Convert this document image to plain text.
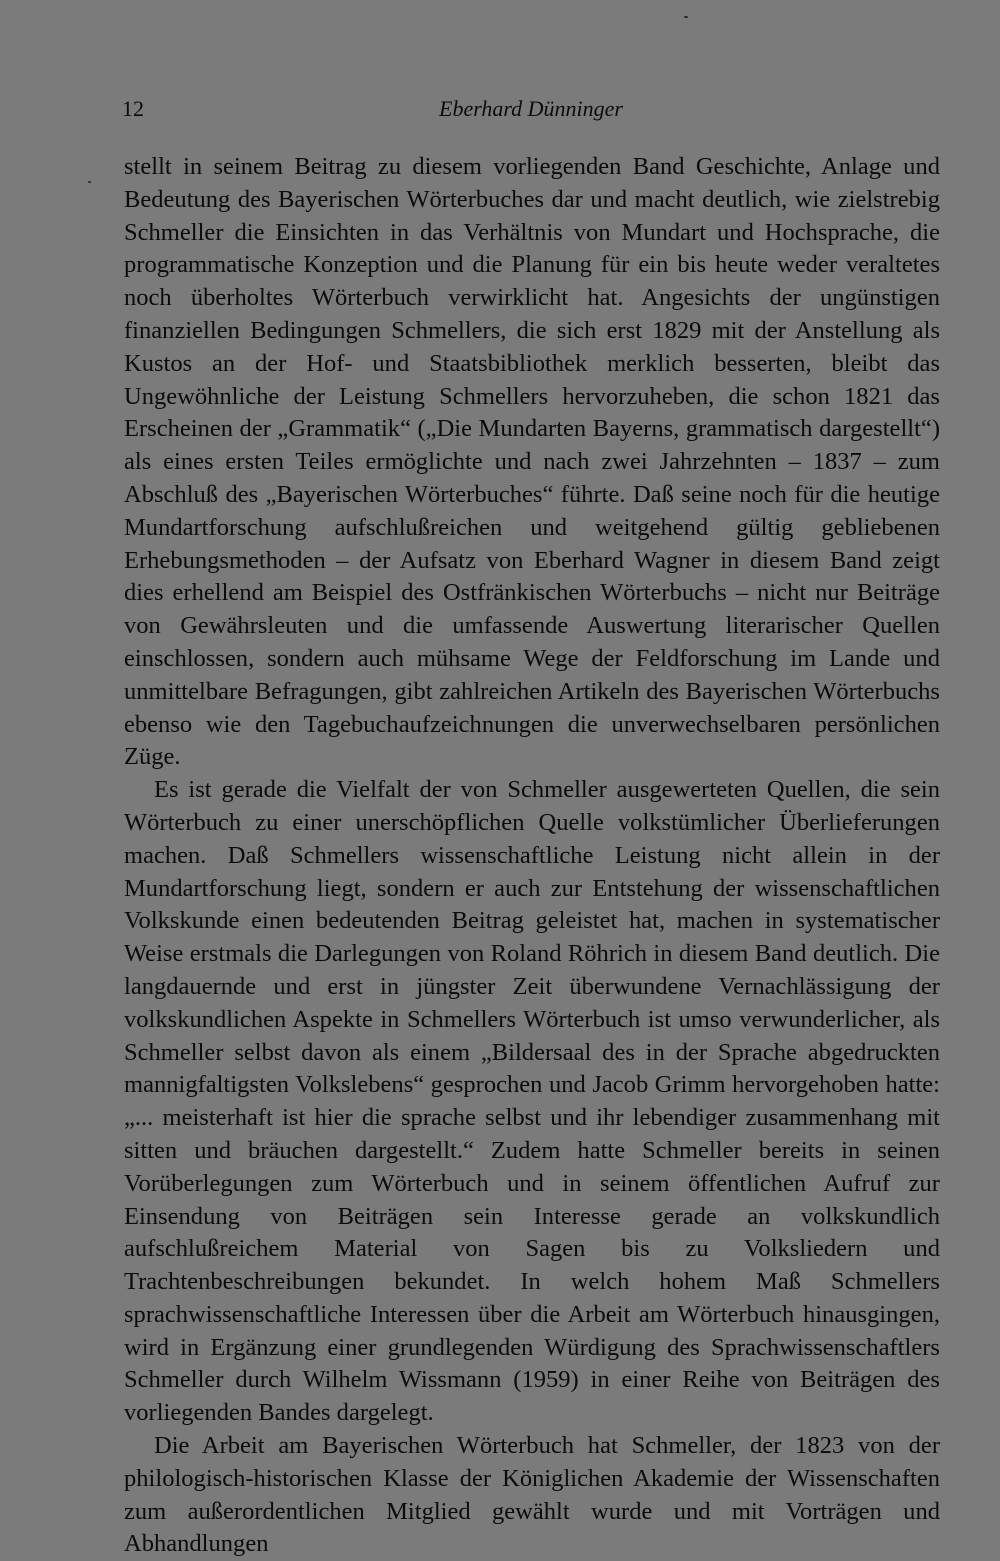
12	Eberhard Dünninger

stellt in seinem Beitrag zu diesem vorliegenden Band Geschichte, Anlage und Bedeutung des Bayerischen Wörterbuches dar und macht deutlich, wie zielstrebig Schmeller die Einsichten in das Verhältnis von Mundart und Hochsprache, die programmatische Konzeption und die Planung für ein bis heute weder veraltetes noch überholtes Wörterbuch verwirklicht hat. Angesichts der ungünstigen finanziellen Bedingungen Schmellers, die sich erst 1829 mit der Anstellung als Kustos an der Hof- und Staatsbibliothek merklich besserten, bleibt das Ungewöhnliche der Leistung Schmellers hervorzuheben, die schon 1821 das Erscheinen der „Grammatik“ („Die Mundarten Bayerns, grammatisch dargestellt“) als eines ersten Teiles ermöglichte und nach zwei Jahrzehnten – 1837 – zum Abschluß des „Bayerischen Wörterbuches“ führte. Daß seine noch für die heutige Mundartforschung aufschlußreichen und weitgehend gültig gebliebenen Erhebungsmethoden – der Aufsatz von Eberhard Wagner in diesem Band zeigt dies erhellend am Beispiel des Ostfränkischen Wörterbuchs – nicht nur Beiträge von Gewährsleuten und die umfassende Auswertung literarischer Quellen einschlossen, sondern auch mühsame Wege der Feldforschung im Lande und unmittelbare Befragungen, gibt zahlreichen Artikeln des Bayerischen Wörterbuchs ebenso wie den Tagebuchaufzeichnungen die unverwechselbaren persönlichen Züge.

Es ist gerade die Vielfalt der von Schmeller ausgewerteten Quellen, die sein Wörterbuch zu einer unerschöpflichen Quelle volkstümlicher Überlieferungen machen. Daß Schmellers wissenschaftliche Leistung nicht allein in der Mundartforschung liegt, sondern er auch zur Entstehung der wissenschaftlichen Volkskunde einen bedeutenden Beitrag geleistet hat, machen in systematischer Weise erstmals die Darlegungen von Roland Röhrich in diesem Band deutlich. Die langdauernde und erst in jüngster Zeit überwundene Vernachlässigung der volkskundlichen Aspekte in Schmellers Wörterbuch ist umso verwunderlicher, als Schmeller selbst davon als einem „Bildersaal des in der Sprache abgedruckten mannigfaltigsten Volkslebens“ gesprochen und Jacob Grimm hervorgehoben hatte: „... meisterhaft ist hier die sprache selbst und ihr lebendiger zusammenhang mit sitten und bräuchen dargestellt.“ Zudem hatte Schmeller bereits in seinen Vorüberlegungen zum Wörterbuch und in seinem öffentlichen Aufruf zur Einsendung von Beiträgen sein Interesse gerade an volkskundlich aufschlußreichem Material von Sagen bis zu Volksliedern und Trachtenbeschreibungen bekundet. In welch hohem Maß Schmellers sprachwissenschaftliche Interessen über die Arbeit am Wörterbuch hinausgingen, wird in Ergänzung einer grundlegenden Würdigung des Sprachwissenschaftlers Schmeller durch Wilhelm Wissmann (1959) in einer Reihe von Beiträgen des vorliegenden Bandes dargelegt.

Die Arbeit am Bayerischen Wörterbuch hat Schmeller, der 1823 von der philologisch-historischen Klasse der Königlichen Akademie der Wissenschaften zum außerordentlichen Mitglied gewählt wurde und mit Vorträgen und Abhandlungen
